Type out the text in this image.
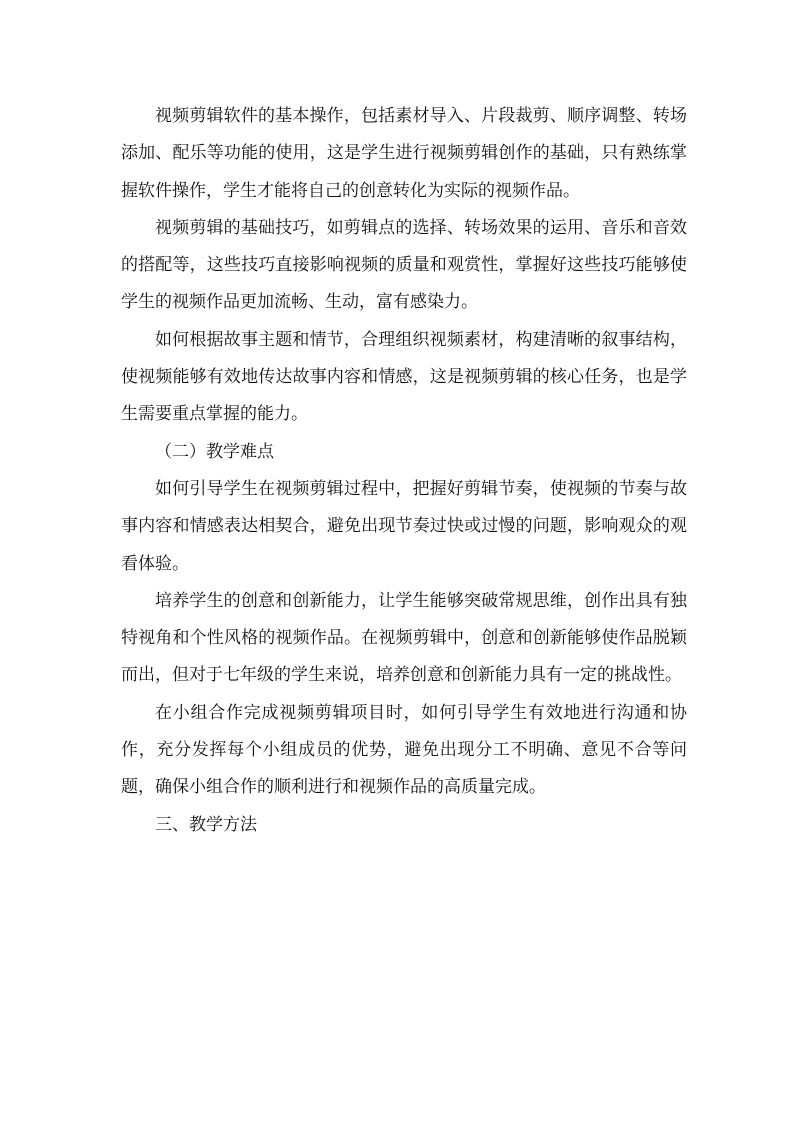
视频剪辑软件的基本操作，包括素材导入、片段裁剪、顺序调整、转场添加、配乐等功能的使用，这是学生进行视频剪辑创作的基础，只有熟练掌握软件操作，学生才能将自己的创意转化为实际的视频作品。

视频剪辑的基础技巧，如剪辑点的选择、转场效果的运用、音乐和音效的搭配等，这些技巧直接影响视频的质量和观赏性，掌握好这些技巧能够使学生的视频作品更加流畅、生动，富有感染力。

如何根据故事主题和情节，合理组织视频素材，构建清晰的叙事结构，使视频能够有效地传达故事内容和情感，这是视频剪辑的核心任务，也是学生需要重点掌握的能力。

（二）教学难点

如何引导学生在视频剪辑过程中，把握好剪辑节奏，使视频的节奏与故事内容和情感表达相契合，避免出现节奏过快或过慢的问题，影响观众的观看体验。

培养学生的创意和创新能力，让学生能够突破常规思维，创作出具有独特视角和个性风格的视频作品。在视频剪辑中，创意和创新能够使作品脱颖而出，但对于七年级的学生来说，培养创意和创新能力具有一定的挑战性。

在小组合作完成视频剪辑项目时，如何引导学生有效地进行沟通和协作，充分发挥每个小组成员的优势，避免出现分工不明确、意见不合等问题，确保小组合作的顺利进行和视频作品的高质量完成。

三、教学方法
